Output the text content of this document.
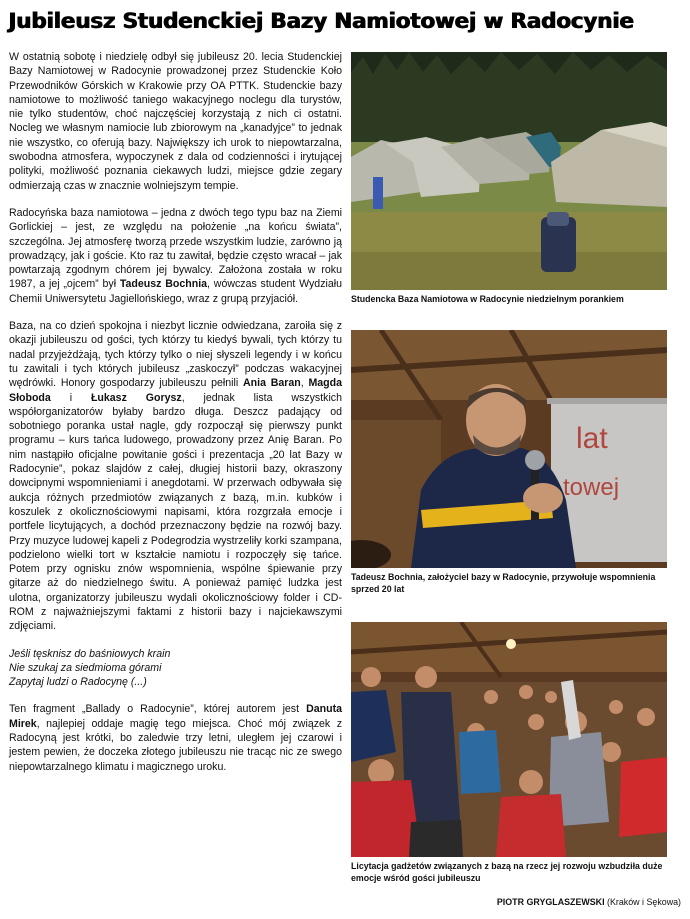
Jubileusz Studenckiej Bazy Namiotowej w Radocynie

W ostatnią sobotę i niedzielę odbył się jubileusz 20. lecia Studenckiej Bazy Namiotowej w Radocynie prowadzonej przez Studenckie Koło Przewodników Górskich w Krakowie przy OA PTTK. Studenckie bazy namiotowe to możliwość taniego wakacyjnego noclegu dla turystów, nie tylko studentów, choć najczęściej korzystają z nich ci ostatni. Nocleg we własnym namiocie lub zbiorowym na „kanadyjce” to jednak nie wszystko, co oferują bazy. Największy ich urok to niepowtarzalna, swobodna atmosfera, wypoczynek z dala od codzienności i irytującej polityki, możliwość poznania ciekawych ludzi, miejsce gdzie zegary odmierzają czas w znacznie wolniejszym tempie.

Radocyńska baza namiotowa – jedna z dwóch tego typu baz na Ziemi Gorlickiej – jest, ze względu na położenie „na końcu świata”, szczególna. Jej atmosferę tworzą przede wszystkim ludzie, zarówno ją prowadzący, jak i goście. Kto raz tu zawitał, będzie często wracał – jak powtarzają zgodnym chórem jej bywalcy. Założona została w roku 1987, a jej „ojcem” był Tadeusz Bochnia, wówczas student Wydziału Chemii Uniwersytetu Jagiellońskiego, wraz z grupą przyjaciół.

Baza, na co dzień spokojna i niezbyt licznie odwiedzana, zaroiła się z okazji jubileuszu od gości, tych którzy tu kiedyś bywali, tych którzy tu nadal przyjeżdżają, tych którzy tylko o niej słyszeli legendy i w końcu tu zawitali i tych których jubileusz „zaskoczył” podczas wakacyjnej wędrówki. Honory gospodarzy jubileuszu pełnili Ania Baran, Magda Słoboda i Łukasz Gorysz, jednak lista wszystkich współorganizatorów byłaby bardzo długa. Deszcz padający od sobotniego poranka ustał nagle, gdy rozpoczął się pierwszy punkt programu – kurs tańca ludowego, prowadzony przez Anię Baran. Po nim nastąpiło oficjalne powitanie gości i prezentacja „20 lat Bazy w Radocynie”, pokaz slajdów z całej, długiej historii bazy, okraszony dowcipnymi wspomnieniami i anegdotami. W przerwach odbywała się aukcja różnych przedmiotów związanych z bazą, m.in. kubków i koszulek z okolicznościowymi napisami, która rozgrzała emocje i portfele licytujących, a dochód przeznaczony będzie na rozwój bazy. Przy muzyce ludowej kapeli z Podegrodzia wystrzeliły korki szampana, podzielono wielki tort w kształcie namiotu i rozpoczęły się tańce. Potem przy ognisku znów wspomnienia, wspólne śpiewanie przy gitarze aż do niedzielnego świtu. A ponieważ pamięć ludzka jest ulotna, organizatorzy jubileuszu wydali okolicznościowy folder i CD-ROM z najważniejszymi faktami z historii bazy i najciekawszymi zdjęciami.

Jeśli tęsknisz do baśniowych krain
Nie szukaj za siedmioma górami
Zapytaj ludzi o Radocynę (...)

Ten fragment „Ballady o Radocynie”, której autorem jest Danuta Mirek, najlepiej oddaje magię tego miejsca. Choć mój związek z Radocyną jest krótki, bo zaledwie trzy letni, uległem jej czarowi i jestem pewien, że doczeka złotego jubileuszu nie tracąc nic ze swego niepowtarzalnego klimatu i magicznego uroku.

Studencka Baza Namiotowa w Radocynie niedzielnym porankiem
lat
towej
Tadeusz Bochnia, założyciel bazy w Radocynie, przywołuje wspomnienia sprzed 20 lat
Licytacja gadżetów związanych z bazą na rzecz jej rozwoju wzbudziła duże emocje wśród gości jubileuszu
PIOTR GRYGLASZEWSKI (Kraków i Sękowa)
